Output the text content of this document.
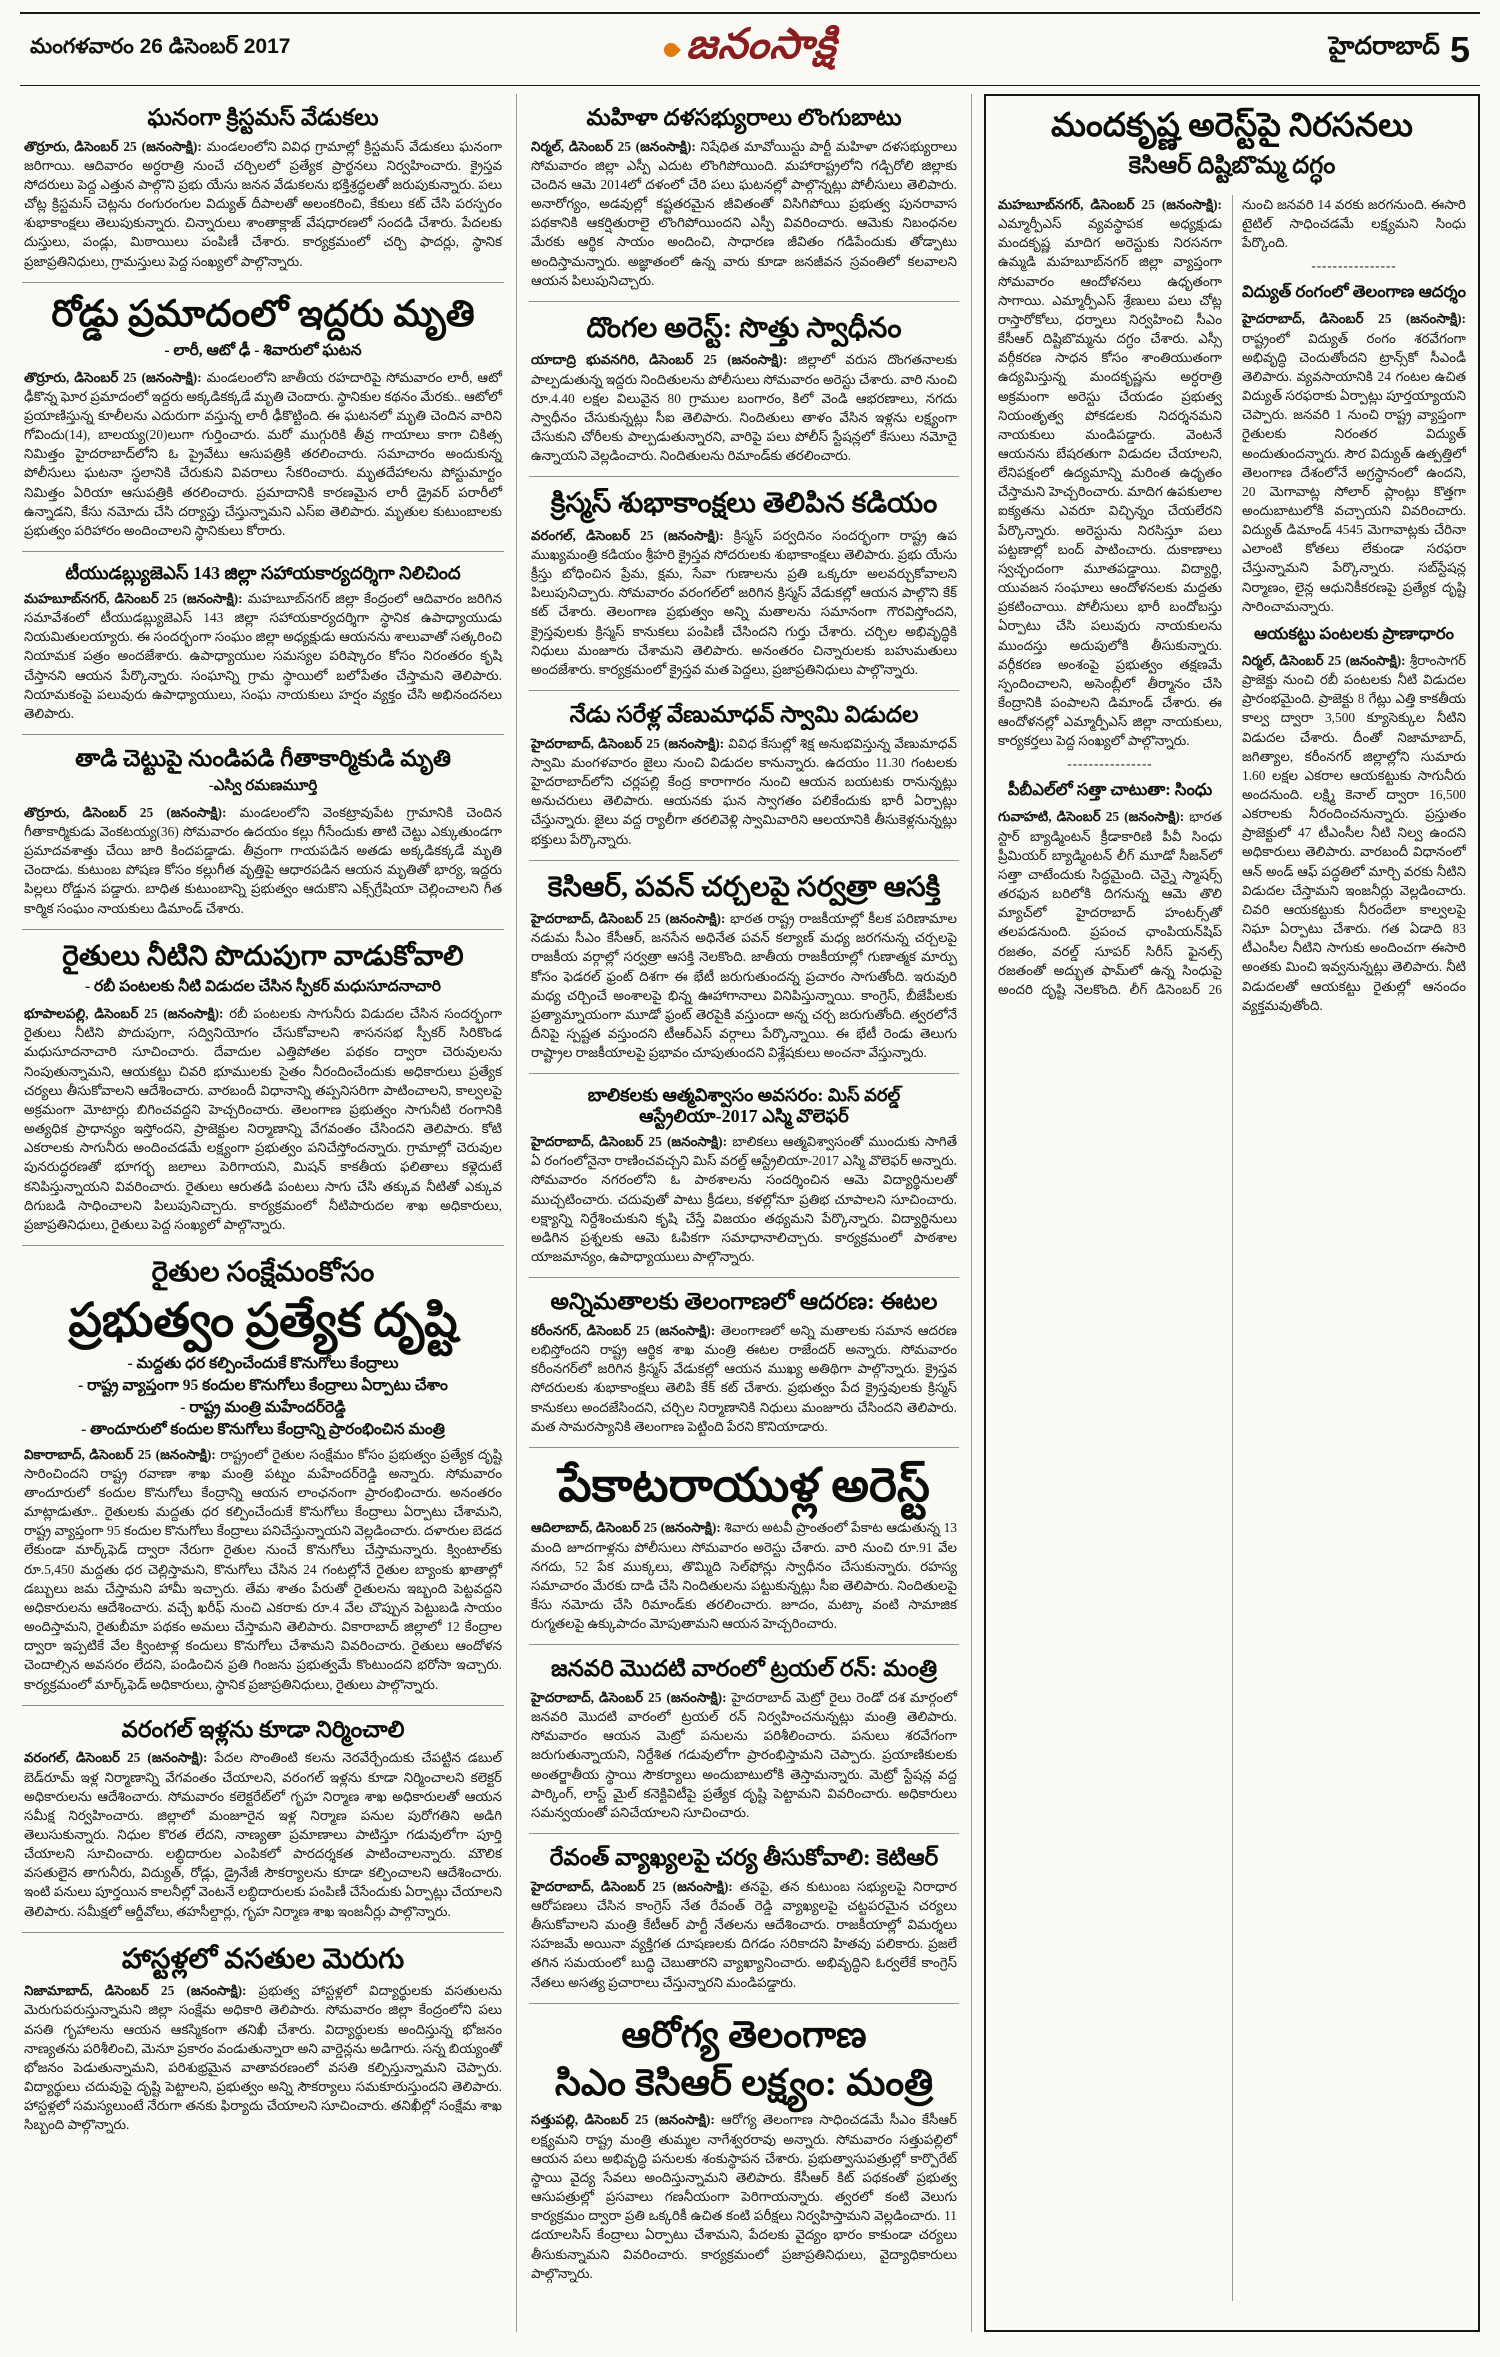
మంగళవారం 26 డిసెంబర్ 2017	జనంసాక్షి	హైదరాబాద్ 5
ఘనంగా క్రిస్టమస్ వేడుకలు

తొర్రూరు, డిసెంబర్ 25 (జనంసాక్షి): మండలంలోని వివిధ గ్రామాల్లో క్రిస్టమస్ వేడుకలు ఘనంగా జరిగాయి. ఆదివారం అర్ధరాత్రి నుంచే చర్చిలలో ప్రత్యేక ప్రార్థనలు నిర్వహించారు. క్రైస్తవ సోదరులు పెద్ద ఎత్తున పాల్గొని ప్రభు యేసు జనన వేడుకలను భక్తిశ్రద్ధలతో జరుపుకున్నారు. పలు చోట్ల క్రిస్టమస్ చెట్లను రంగురంగుల విద్యుత్ దీపాలతో అలంకరించి, కేకులు కట్ చేసి పరస్పరం శుభాకాంక్షలు తెలుపుకున్నారు. చిన్నారులు శాంతాక్లాజ్ వేషధారణలో సందడి చేశారు. పేదలకు దుస్తులు, పండ్లు, మిఠాయిలు పంపిణీ చేశారు. కార్యక్రమంలో చర్చి ఫాదర్లు, స్థానిక ప్రజాప్రతినిధులు, గ్రామస్తులు పెద్ద సంఖ్యలో పాల్గొన్నారు.

రోడ్డు ప్రమాదంలో ఇద్దరు మృతి
- లారీ, ఆటో ఢీ - శివారులో ఘటన

తొర్రూరు, డిసెంబర్ 25 (జనంసాక్షి): మండలంలోని జాతీయ రహదారిపై సోమవారం లారీ, ఆటో ఢీకొన్న ఘోర ప్రమాదంలో ఇద్దరు అక్కడికక్కడే మృతి చెందారు. స్థానికుల కథనం మేరకు.. ఆటోలో ప్రయాణిస్తున్న కూలీలను ఎదురుగా వస్తున్న లారీ ఢీకొట్టింది. ఈ ఘటనలో మృతి చెందిన వారిని గోవిందు(14), బాలయ్య(20)లుగా గుర్తించారు. మరో ముగ్గురికి తీవ్ర గాయాలు కాగా చికిత్స నిమిత్తం హైదరాబాద్‌లోని ఓ ప్రైవేటు ఆసుపత్రికి తరలించారు. సమాచారం అందుకున్న పోలీసులు ఘటనా స్థలానికి చేరుకుని వివరాలు సేకరించారు. మృతదేహాలను పోస్టుమార్టం నిమిత్తం ఏరియా ఆసుపత్రికి తరలించారు. ప్రమాదానికి కారణమైన లారీ డ్రైవర్ పరారీలో ఉన్నాడని, కేసు నమోదు చేసి దర్యాప్తు చేస్తున్నామని ఎస్‌ఐ తెలిపారు. మృతుల కుటుంబాలకు ప్రభుత్వం పరిహారం అందించాలని స్థానికులు కోరారు.

టీయుడబ్ల్యుజెఎస్ 143 జిల్లా సహాయకార్యదర్శిగా నిలిచింద

మహబూబ్‌నగర్, డిసెంబర్ 25 (జనంసాక్షి): మహబూబ్‌నగర్ జిల్లా కేంద్రంలో ఆదివారం జరిగిన సమావేశంలో టీయుడబ్ల్యుజెఎస్ 143 జిల్లా సహాయకార్యదర్శిగా స్థానిక ఉపాధ్యాయుడు నియమితులయ్యారు. ఈ సందర్భంగా సంఘం జిల్లా అధ్యక్షుడు ఆయనను శాలువాతో సత్కరించి నియామక పత్రం అందజేశారు. ఉపాధ్యాయుల సమస్యల పరిష్కారం కోసం నిరంతరం కృషి చేస్తానని ఆయన పేర్కొన్నారు. సంఘాన్ని గ్రామ స్థాయిలో బలోపేతం చేస్తామని తెలిపారు. నియామకంపై పలువురు ఉపాధ్యాయులు, సంఘ నాయకులు హర్షం వ్యక్తం చేసి అభినందనలు తెలిపారు.

తాడి చెట్టుపై నుండిపడి గీతాకార్మికుడి మృతి
-ఎస్వి రమణమూర్తి

తొర్రూరు, డిసెంబర్ 25 (జనంసాక్షి): మండలంలోని వెంకట్రావుపేట గ్రామానికి చెందిన గీతాకార్మికుడు వెంకటయ్య(36) సోమవారం ఉదయం కల్లు గీసేందుకు తాటి చెట్టు ఎక్కుతుండగా ప్రమాదవశాత్తు చేయి జారి కిందపడ్డాడు. తీవ్రంగా గాయపడిన అతడు అక్కడికక్కడే మృతి చెందాడు. కుటుంబ పోషణ కోసం కల్లుగీత వృత్తిపై ఆధారపడిన ఆయన మృతితో భార్య, ఇద్దరు పిల్లలు రోడ్డున పడ్డారు. బాధిత కుటుంబాన్ని ప్రభుత్వం ఆదుకొని ఎక్స్‌గ్రేషియా చెల్లించాలని గీత కార్మిక సంఘం నాయకులు డిమాండ్ చేశారు.

రైతులు నీటిని పొదుపుగా వాడుకోవాలి
- రబీ పంటలకు నీటి విడుదల చేసిన స్పీకర్ మధుసూదనాచారి

భూపాలపల్లి, డిసెంబర్ 25 (జనంసాక్షి): రబీ పంటలకు సాగునీరు విడుదల చేసిన సందర్భంగా రైతులు నీటిని పొదుపుగా, సద్వినియోగం చేసుకోవాలని శాసనసభ స్పీకర్ సిరికొండ మధుసూదనాచారి సూచించారు. దేవాదుల ఎత్తిపోతల పథకం ద్వారా చెరువులను నింపుతున్నామని, ఆయకట్టు చివరి భూములకు సైతం నీరందించేందుకు అధికారులు ప్రత్యేక చర్యలు తీసుకోవాలని ఆదేశించారు. వారబందీ విధానాన్ని తప్పనిసరిగా పాటించాలని, కాల్వలపై అక్రమంగా మోటార్లు బిగించవద్దని హెచ్చరించారు. తెలంగాణ ప్రభుత్వం సాగునీటి రంగానికి అత్యధిక ప్రాధాన్యం ఇస్తోందని, ప్రాజెక్టుల నిర్మాణాన్ని వేగవంతం చేసిందని తెలిపారు. కోటి ఎకరాలకు సాగునీరు అందించడమే లక్ష్యంగా ప్రభుత్వం పనిచేస్తోందన్నారు. గ్రామాల్లో చెరువుల పునరుద్ధరణతో భూగర్భ జలాలు పెరిగాయని, మిషన్ కాకతీయ ఫలితాలు కళ్లెదుటే కనిపిస్తున్నాయని వివరించారు. రైతులు ఆరుతడి పంటలు సాగు చేసి తక్కువ నీటితో ఎక్కువ దిగుబడి సాధించాలని పిలుపునిచ్చారు. కార్యక్రమంలో నీటిపారుదల శాఖ అధికారులు, ప్రజాప్రతినిధులు, రైతులు పెద్ద సంఖ్యలో పాల్గొన్నారు.

రైతుల సంక్షేమంకోసం
ప్రభుత్వం ప్రత్యేక దృష్టి
- మద్దతు ధర కల్పించేందుకే కొనుగోలు కేంద్రాలు
- రాష్ట్ర వ్యాప్తంగా 95 కందుల కొనుగోలు కేంద్రాలు ఏర్పాటు చేశాం
- రాష్ట్ర మంత్రి మహేందర్‌రెడ్డి
- తాందూరులో కందుల కొనుగోలు కేంద్రాన్ని ప్రారంభించిన మంత్రి

వికారాబాద్, డిసెంబర్ 25 (జనంసాక్షి): రాష్ట్రంలో రైతుల సంక్షేమం కోసం ప్రభుత్వం ప్రత్యేక దృష్టి సారించిందని రాష్ట్ర రవాణా శాఖ మంత్రి పట్నం మహేందర్‌రెడ్డి అన్నారు. సోమవారం తాందూరులో కందుల కొనుగోలు కేంద్రాన్ని ఆయన లాంఛనంగా ప్రారంభించారు. అనంతరం మాట్లాడుతూ.. రైతులకు మద్దతు ధర కల్పించేందుకే కొనుగోలు కేంద్రాలు ఏర్పాటు చేశామని, రాష్ట్ర వ్యాప్తంగా 95 కందుల కొనుగోలు కేంద్రాలు పనిచేస్తున్నాయని వెల్లడించారు. దళారుల బెడద లేకుండా మార్క్‌ఫెడ్ ద్వారా నేరుగా రైతుల నుంచే కొనుగోలు చేస్తామన్నారు. క్వింటాల్‌కు రూ.5,450 మద్దతు ధర చెల్లిస్తామని, కొనుగోలు చేసిన 24 గంటల్లోనే రైతుల బ్యాంకు ఖాతాల్లో డబ్బులు జమ చేస్తామని హామీ ఇచ్చారు. తేమ శాతం పేరుతో రైతులను ఇబ్బంది పెట్టవద్దని అధికారులను ఆదేశించారు. వచ్చే ఖరీఫ్ నుంచి ఎకరాకు రూ.4 వేల చొప్పున పెట్టుబడి సాయం అందిస్తామని, రైతుబీమా పథకం అమలు చేస్తామని తెలిపారు. వికారాబాద్ జిల్లాలో 12 కేంద్రాల ద్వారా ఇప్పటికే వేల క్వింటాళ్ల కందులు కొనుగోలు చేశామని వివరించారు. రైతులు ఆందోళన చెందాల్సిన అవసరం లేదని, పండించిన ప్రతి గింజను ప్రభుత్వమే కొంటుందని భరోసా ఇచ్చారు. కార్యక్రమంలో మార్క్‌ఫెడ్ అధికారులు, స్థానిక ప్రజాప్రతినిధులు, రైతులు పాల్గొన్నారు.

వరంగల్ ఇళ్లను కూడా నిర్మించాలి

వరంగల్, డిసెంబర్ 25 (జనంసాక్షి): పేదల సొంతింటి కలను నెరవేర్చేందుకు చేపట్టిన డబుల్ బెడ్‌రూమ్ ఇళ్ల నిర్మాణాన్ని వేగవంతం చేయాలని, వరంగల్ ఇళ్లను కూడా నిర్మించాలని కలెక్టర్ అధికారులను ఆదేశించారు. సోమవారం కలెక్టరేట్‌లో గృహ నిర్మాణ శాఖ అధికారులతో ఆయన సమీక్ష నిర్వహించారు. జిల్లాలో మంజూరైన ఇళ్ల నిర్మాణ పనుల పురోగతిని అడిగి తెలుసుకున్నారు. నిధుల కొరత లేదని, నాణ్యతా ప్రమాణాలు పాటిస్తూ గడువులోగా పూర్తి చేయాలని సూచించారు. లబ్ధిదారుల ఎంపికలో పారదర్శకత పాటించాలన్నారు. మౌలిక వసతులైన తాగునీరు, విద్యుత్, రోడ్లు, డ్రైనేజీ సౌకర్యాలను కూడా కల్పించాలని ఆదేశించారు. ఇంటి పనులు పూర్తయిన కాలనీల్లో వెంటనే లబ్ధిదారులకు పంపిణీ చేసేందుకు ఏర్పాట్లు చేయాలని తెలిపారు. సమీక్షలో ఆర్డీవోలు, తహసీల్దార్లు, గృహ నిర్మాణ శాఖ ఇంజనీర్లు పాల్గొన్నారు.

హాస్టళ్లలో వసతుల మెరుగు

నిజామాబాద్, డిసెంబర్ 25 (జనంసాక్షి): ప్రభుత్వ హాస్టళ్లలో విద్యార్థులకు వసతులను మెరుగుపరుస్తున్నామని జిల్లా సంక్షేమ అధికారి తెలిపారు. సోమవారం జిల్లా కేంద్రంలోని పలు వసతి గృహాలను ఆయన ఆకస్మికంగా తనిఖీ చేశారు. విద్యార్థులకు అందిస్తున్న భోజనం నాణ్యతను పరిశీలించి, మెనూ ప్రకారం వండుతున్నారా అని వార్డెన్లను అడిగారు. సన్న బియ్యంతో భోజనం పెడుతున్నామని, పరిశుభ్రమైన వాతావరణంలో వసతి కల్పిస్తున్నామని చెప్పారు. విద్యార్థులు చదువుపై దృష్టి పెట్టాలని, ప్రభుత్వం అన్ని సౌకర్యాలు సమకూరుస్తుందని తెలిపారు. హాస్టళ్లలో సమస్యలుంటే నేరుగా తనకు ఫిర్యాదు చేయాలని సూచించారు. తనిఖీల్లో సంక్షేమ శాఖ సిబ్బంది పాల్గొన్నారు.

మహిళా దళసభ్యురాలు లొంగుబాటు

నిర్మల్, డిసెంబర్ 25 (జనంసాక్షి): నిషేధిత మావోయిస్టు పార్టీ మహిళా దళసభ్యురాలు సోమవారం జిల్లా ఎస్పీ ఎదుట లొంగిపోయింది. మహారాష్ట్రలోని గడ్చిరోలి జిల్లాకు చెందిన ఆమె 2014లో దళంలో చేరి పలు ఘటనల్లో పాల్గొన్నట్లు పోలీసులు తెలిపారు. అనారోగ్యం, అడవుల్లో కష్టతరమైన జీవితంతో విసిగిపోయి ప్రభుత్వ పునరావాస పథకానికి ఆకర్షితురాలై లొంగిపోయిందని ఎస్పీ వివరించారు. ఆమెకు నిబంధనల మేరకు ఆర్థిక సాయం అందించి, సాధారణ జీవితం గడిపేందుకు తోడ్పాటు అందిస్తామన్నారు. అజ్ఞాతంలో ఉన్న వారు కూడా జనజీవన స్రవంతిలో కలవాలని ఆయన పిలుపునిచ్చారు.

దొంగల అరెస్ట్: సొత్తు స్వాధీనం

యాదాద్రి భువనగిరి, డిసెంబర్ 25 (జనంసాక్షి): జిల్లాలో వరుస దొంగతనాలకు పాల్పడుతున్న ఇద్దరు నిందితులను పోలీసులు సోమవారం అరెస్టు చేశారు. వారి నుంచి రూ.4.40 లక్షల విలువైన 80 గ్రాముల బంగారం, కిలో వెండి ఆభరణాలు, నగదు స్వాధీనం చేసుకున్నట్లు సీఐ తెలిపారు. నిందితులు తాళం వేసిన ఇళ్లను లక్ష్యంగా చేసుకుని చోరీలకు పాల్పడుతున్నారని, వారిపై పలు పోలీస్ స్టేషన్లలో కేసులు నమోదై ఉన్నాయని వెల్లడించారు. నిందితులను రిమాండ్‌కు తరలించారు.

క్రిస్మస్ శుభాకాంక్షలు తెలిపిన కడియం

వరంగల్, డిసెంబర్ 25 (జనంసాక్షి): క్రిస్మస్ పర్వదినం సందర్భంగా రాష్ట్ర ఉప ముఖ్యమంత్రి కడియం శ్రీహరి క్రైస్తవ సోదరులకు శుభాకాంక్షలు తెలిపారు. ప్రభు యేసు క్రీస్తు బోధించిన ప్రేమ, క్షమ, సేవా గుణాలను ప్రతి ఒక్కరూ అలవర్చుకోవాలని పిలుపునిచ్చారు. సోమవారం వరంగల్‌లో జరిగిన క్రిస్మస్ వేడుకల్లో ఆయన పాల్గొని కేక్ కట్ చేశారు. తెలంగాణ ప్రభుత్వం అన్ని మతాలను సమానంగా గౌరవిస్తోందని, క్రైస్తవులకు క్రిస్మస్ కానుకలు పంపిణీ చేసిందని గుర్తు చేశారు. చర్చిల అభివృద్ధికి నిధులు మంజూరు చేశామని తెలిపారు. అనంతరం చిన్నారులకు బహుమతులు అందజేశారు. కార్యక్రమంలో క్రైస్తవ మత పెద్దలు, ప్రజాప్రతినిధులు పాల్గొన్నారు.

నేడు సరేళ్ల వేణుమాధవ్ స్వామి విడుదల

హైదరాబాద్, డిసెంబర్ 25 (జనంసాక్షి): వివిధ కేసుల్లో శిక్ష అనుభవిస్తున్న వేణుమాధవ్ స్వామి మంగళవారం జైలు నుంచి విడుదల కానున్నారు. ఉదయం 11.30 గంటలకు హైదరాబాద్‌లోని చర్లపల్లి కేంద్ర కారాగారం నుంచి ఆయన బయటకు రానున్నట్లు అనుచరులు తెలిపారు. ఆయనకు ఘన స్వాగతం పలికేందుకు భారీ ఏర్పాట్లు చేస్తున్నారు. జైలు వద్ద ర్యాలీగా తరలివెళ్లి స్వామివారిని ఆలయానికి తీసుకెళ్లనున్నట్లు భక్తులు పేర్కొన్నారు.

కెసిఆర్, పవన్ చర్చలపై సర్వత్రా ఆసక్తి

హైదరాబాద్, డిసెంబర్ 25 (జనంసాక్షి): భారత రాష్ట్ర రాజకీయాల్లో కీలక పరిణామాల నడుమ సీఎం కేసీఆర్, జనసేన అధినేత పవన్ కల్యాణ్ మధ్య జరగనున్న చర్చలపై రాజకీయ వర్గాల్లో సర్వత్రా ఆసక్తి నెలకొంది. జాతీయ రాజకీయాల్లో గుణాత్మక మార్పు కోసం ఫెడరల్ ఫ్రంట్ దిశగా ఈ భేటీ జరుగుతుందన్న ప్రచారం సాగుతోంది. ఇరువురి మధ్య చర్చించే అంశాలపై భిన్న ఊహాగానాలు వినిపిస్తున్నాయి. కాంగ్రెస్, బీజేపీలకు ప్రత్యామ్నాయంగా మూడో ఫ్రంట్ తెరపైకి వస్తుందా అన్న చర్చ జరుగుతోంది. త్వరలోనే దీనిపై స్పష్టత వస్తుందని టీఆర్ఎస్ వర్గాలు పేర్కొన్నాయి. ఈ భేటీ రెండు తెలుగు రాష్ట్రాల రాజకీయాలపై ప్రభావం చూపుతుందని విశ్లేషకులు అంచనా వేస్తున్నారు.

బాలికలకు ఆత్మవిశ్వాసం అవసరం: మిస్ వరల్డ్ ఆస్ట్రేలియా-2017 ఎస్మి వొలెఫర్

హైదరాబాద్, డిసెంబర్ 25 (జనంసాక్షి): బాలికలు ఆత్మవిశ్వాసంతో ముందుకు సాగితే ఏ రంగంలోనైనా రాణించవచ్చని మిస్ వరల్డ్ ఆస్ట్రేలియా-2017 ఎస్మి వొలెఫర్ అన్నారు. సోమవారం నగరంలోని ఓ పాఠశాలను సందర్శించిన ఆమె విద్యార్థినులతో ముచ్చటించారు. చదువుతో పాటు క్రీడలు, కళల్లోనూ ప్రతిభ చూపాలని సూచించారు. లక్ష్యాన్ని నిర్దేశించుకుని కృషి చేస్తే విజయం తథ్యమని పేర్కొన్నారు. విద్యార్థినులు అడిగిన ప్రశ్నలకు ఆమె ఓపికగా సమాధానాలిచ్చారు. కార్యక్రమంలో పాఠశాల యాజమాన్యం, ఉపాధ్యాయులు పాల్గొన్నారు.

అన్నిమతాలకు తెలంగాణలో ఆదరణ: ఈటల

కరీంనగర్, డిసెంబర్ 25 (జనంసాక్షి): తెలంగాణలో అన్ని మతాలకు సమాన ఆదరణ లభిస్తోందని రాష్ట్ర ఆర్థిక శాఖ మంత్రి ఈటల రాజేందర్ అన్నారు. సోమవారం కరీంనగర్‌లో జరిగిన క్రిస్మస్ వేడుకల్లో ఆయన ముఖ్య అతిథిగా పాల్గొన్నారు. క్రైస్తవ సోదరులకు శుభాకాంక్షలు తెలిపి కేక్ కట్ చేశారు. ప్రభుత్వం పేద క్రైస్తవులకు క్రిస్మస్ కానుకలు అందజేసిందని, చర్చిల నిర్మాణానికి నిధులు మంజూరు చేసిందని తెలిపారు. మత సామరస్యానికి తెలంగాణ పెట్టింది పేరని కొనియాడారు.

పేకాటరాయుళ్ల అరెస్ట్

ఆదిలాబాద్, డిసెంబర్ 25 (జనంసాక్షి): శివారు అటవీ ప్రాంతంలో పేకాట ఆడుతున్న 13 మంది జూదగాళ్లను పోలీసులు సోమవారం అరెస్టు చేశారు. వారి నుంచి రూ.91 వేల నగదు, 52 పేక ముక్కలు, తొమ్మిది సెల్‌ఫోన్లు స్వాధీనం చేసుకున్నారు. రహస్య సమాచారం మేరకు దాడి చేసి నిందితులను పట్టుకున్నట్లు సీఐ తెలిపారు. నిందితులపై కేసు నమోదు చేసి రిమాండ్‌కు తరలించారు. జూదం, మట్కా వంటి సామాజిక రుగ్మతలపై ఉక్కుపాదం మోపుతామని ఆయన హెచ్చరించారు.

జనవరి మొదటి వారంలో ట్రయల్ రన్: మంత్రి

హైదరాబాద్, డిసెంబర్ 25 (జనంసాక్షి): హైదరాబాద్ మెట్రో రైలు రెండో దశ మార్గంలో జనవరి మొదటి వారంలో ట్రయల్ రన్ నిర్వహించనున్నట్లు మంత్రి తెలిపారు. సోమవారం ఆయన మెట్రో పనులను పరిశీలించారు. పనులు శరవేగంగా జరుగుతున్నాయని, నిర్దేశిత గడువులోగా ప్రారంభిస్తామని చెప్పారు. ప్రయాణికులకు అంతర్జాతీయ స్థాయి సౌకర్యాలు అందుబాటులోకి తెస్తామన్నారు. మెట్రో స్టేషన్ల వద్ద పార్కింగ్, లాస్ట్ మైల్ కనెక్టివిటీపై ప్రత్యేక దృష్టి పెట్టామని వివరించారు. అధికారులు సమన్వయంతో పనిచేయాలని సూచించారు.

రేవంత్ వ్యాఖ్యలపై చర్య తీసుకోవాలి: కెటిఆర్

హైదరాబాద్, డిసెంబర్ 25 (జనంసాక్షి): తనపై, తన కుటుంబ సభ్యులపై నిరాధార ఆరోపణలు చేసిన కాంగ్రెస్ నేత రేవంత్ రెడ్డి వ్యాఖ్యలపై చట్టపరమైన చర్యలు తీసుకోవాలని మంత్రి కేటీఆర్ పార్టీ నేతలను ఆదేశించారు. రాజకీయాల్లో విమర్శలు సహజమే అయినా వ్యక్తిగత దూషణలకు దిగడం సరికాదని హితవు పలికారు. ప్రజలే తగిన సమయంలో బుద్ధి చెబుతారని వ్యాఖ్యానించారు. అభివృద్ధిని ఓర్వలేకే కాంగ్రెస్ నేతలు అసత్య ప్రచారాలు చేస్తున్నారని మండిపడ్డారు.

ఆరోగ్య తెలంగాణ
సిఎం కెసిఆర్ లక్ష్యం: మంత్రి

సత్తుపల్లి, డిసెంబర్ 25 (జనంసాక్షి): ఆరోగ్య తెలంగాణ సాధించడమే సీఎం కేసీఆర్ లక్ష్యమని రాష్ట్ర మంత్రి తుమ్మల నాగేశ్వరరావు అన్నారు. సోమవారం సత్తుపల్లిలో ఆయన పలు అభివృద్ధి పనులకు శంకుస్థాపన చేశారు. ప్రభుత్వాసుపత్రుల్లో కార్పొరేట్ స్థాయి వైద్య సేవలు అందిస్తున్నామని తెలిపారు. కేసీఆర్ కిట్ పథకంతో ప్రభుత్వ ఆసుపత్రుల్లో ప్రసవాలు గణనీయంగా పెరిగాయన్నారు. త్వరలో కంటి వెలుగు కార్యక్రమం ద్వారా ప్రతి ఒక్కరికీ ఉచిత కంటి పరీక్షలు నిర్వహిస్తామని వెల్లడించారు. 11 డయాలసిస్ కేంద్రాలు ఏర్పాటు చేశామని, పేదలకు వైద్యం భారం కాకుండా చర్యలు తీసుకున్నామని వివరించారు. కార్యక్రమంలో ప్రజాప్రతినిధులు, వైద్యాధికారులు పాల్గొన్నారు.

మందకృష్ణ అరెస్ట్‌పై నిరసనలు
కెసిఆర్ దిష్టిబొమ్మ దగ్ధం

మహబూబ్‌నగర్, డిసెంబర్ 25 (జనంసాక్షి): ఎమ్మార్పీఎస్ వ్యవస్థాపక అధ్యక్షుడు మందకృష్ణ మాదిగ అరెస్టుకు నిరసనగా ఉమ్మడి మహబూబ్‌నగర్ జిల్లా వ్యాప్తంగా సోమవారం ఆందోళనలు ఉధృతంగా సాగాయి. ఎమ్మార్పీఎస్ శ్రేణులు పలు చోట్ల రాస్తారోకోలు, ధర్నాలు నిర్వహించి సీఎం కేసీఆర్ దిష్టిబొమ్మను దగ్ధం చేశారు. ఎస్సీ వర్గీకరణ సాధన కోసం శాంతియుతంగా ఉద్యమిస్తున్న మందకృష్ణను అర్ధరాత్రి అక్రమంగా అరెస్టు చేయడం ప్రభుత్వ నియంతృత్వ పోకడలకు నిదర్శనమని నాయకులు మండిపడ్డారు. వెంటనే ఆయనను బేషరతుగా విడుదల చేయాలని, లేనిపక్షంలో ఉద్యమాన్ని మరింత ఉధృతం చేస్తామని హెచ్చరించారు. మాదిగ ఉపకులాల ఐక్యతను ఎవరూ విచ్ఛిన్నం చేయలేరని పేర్కొన్నారు. అరెస్టును నిరసిస్తూ పలు పట్టణాల్లో బంద్ పాటించారు. దుకాణాలు స్వచ్ఛందంగా మూతపడ్డాయి. విద్యార్థి, యువజన సంఘాలు ఆందోళనలకు మద్దతు ప్రకటించాయి. పోలీసులు భారీ బందోబస్తు ఏర్పాటు చేసి పలువురు నాయకులను ముందస్తు అదుపులోకి తీసుకున్నారు. వర్గీకరణ అంశంపై ప్రభుత్వం తక్షణమే స్పందించాలని, అసెంబ్లీలో తీర్మానం చేసి కేంద్రానికి పంపాలని డిమాండ్ చేశారు. ఈ ఆందోళనల్లో ఎమ్మార్పీఎస్ జిల్లా నాయకులు, కార్యకర్తలు పెద్ద సంఖ్యలో పాల్గొన్నారు.

----------------
పీబీఎల్‌లో సత్తా చాటుతా: సింధు

గువాహటి, డిసెంబర్ 25 (జనంసాక్షి): భారత స్టార్ బ్యాడ్మింటన్ క్రీడాకారిణి పీవీ సింధు ప్రీమియర్ బ్యాడ్మింటన్ లీగ్ మూడో సీజన్‌లో సత్తా చాటేందుకు సిద్ధమైంది. చెన్నై స్మాషర్స్ తరఫున బరిలోకి దిగనున్న ఆమె తొలి మ్యాచ్‌లో హైదరాబాద్ హంటర్స్‌తో తలపడనుంది. ప్రపంచ ఛాంపియన్‌షిప్ రజతం, వరల్డ్ సూపర్ సిరీస్ ఫైనల్స్ రజతంతో అద్భుత ఫామ్‌లో ఉన్న సింధుపై అందరి దృష్టి నెలకొంది. లీగ్ డిసెంబర్ 26 నుంచి జనవరి 14 వరకు జరగనుంది. ఈసారి టైటిల్ సాధించడమే లక్ష్యమని సింధు పేర్కొంది.

----------------
విద్యుత్ రంగంలో తెలంగాణ ఆదర్శం

హైదరాబాద్, డిసెంబర్ 25 (జనంసాక్షి): రాష్ట్రంలో విద్యుత్ రంగం శరవేగంగా అభివృద్ధి చెందుతోందని ట్రాన్స్‌కో సీఎండీ తెలిపారు. వ్యవసాయానికి 24 గంటల ఉచిత విద్యుత్ సరఫరాకు ఏర్పాట్లు పూర్తయ్యాయని చెప్పారు. జనవరి 1 నుంచి రాష్ట్ర వ్యాప్తంగా రైతులకు నిరంతర విద్యుత్ అందుతుందన్నారు. సౌర విద్యుత్ ఉత్పత్తిలో తెలంగాణ దేశంలోనే అగ్రస్థానంలో ఉందని, 20 మెగావాట్ల సోలార్ ప్లాంట్లు కొత్తగా అందుబాటులోకి వచ్చాయని వివరించారు. విద్యుత్ డిమాండ్ 4545 మెగావాట్లకు చేరినా ఎలాంటి కోతలు లేకుండా సరఫరా చేస్తున్నామని పేర్కొన్నారు. సబ్‌స్టేషన్ల నిర్మాణం, లైన్ల ఆధునికీకరణపై ప్రత్యేక దృష్టి సారించామన్నారు.

ఆయకట్టు పంటలకు ప్రాణాధారం

నిర్మల్, డిసెంబర్ 25 (జనంసాక్షి): శ్రీరాంసాగర్ ప్రాజెక్టు నుంచి రబీ పంటలకు నీటి విడుదల ప్రారంభమైంది. ప్రాజెక్టు 8 గేట్లు ఎత్తి కాకతీయ కాల్వ ద్వారా 3,500 క్యూసెక్కుల నీటిని విడుదల చేశారు. దీంతో నిజామాబాద్, జగిత్యాల, కరీంనగర్ జిల్లాల్లోని సుమారు 1.60 లక్షల ఎకరాల ఆయకట్టుకు సాగునీరు అందనుంది. లక్ష్మి కెనాల్ ద్వారా 16,500 ఎకరాలకు నీరందించనున్నారు. ప్రస్తుతం ప్రాజెక్టులో 47 టీఎంసీల నీటి నిల్వ ఉందని అధికారులు తెలిపారు. వారబందీ విధానంలో ఆన్ అండ్ ఆఫ్ పద్ధతిలో మార్చి వరకు నీటిని విడుదల చేస్తామని ఇంజనీర్లు వెల్లడించారు. చివరి ఆయకట్టుకు నీరందేలా కాల్వలపై నిఘా ఏర్పాటు చేశారు. గత ఏడాది 83 టీఎంసీల నీటిని సాగుకు అందించగా ఈసారి అంతకు మించి ఇవ్వనున్నట్లు తెలిపారు. నీటి విడుదలతో ఆయకట్టు రైతుల్లో ఆనందం వ్యక్తమవుతోంది.
